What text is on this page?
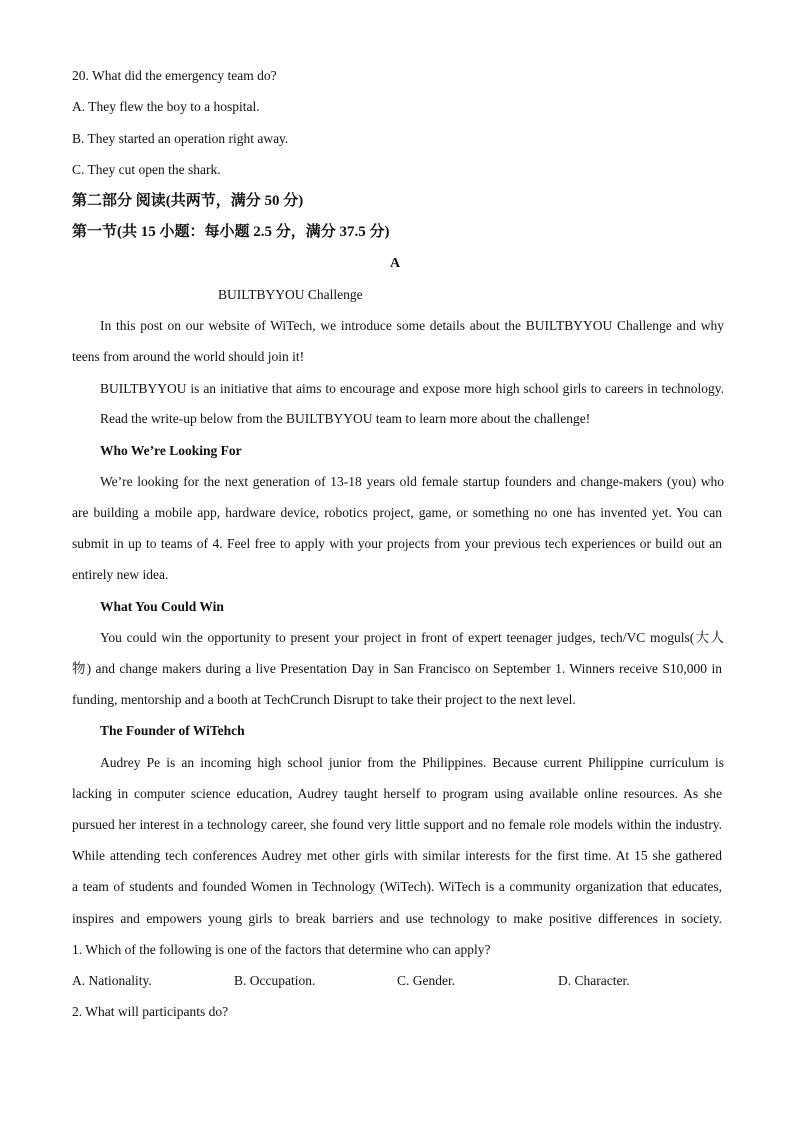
20. What did the emergency team do?
A. They flew the boy to a hospital.
B. They started an operation right away.
C. They cut open the shark.
第二部分 阅读(共两节，满分 50 分)
第一节(共 15 小题：每小题 2.5 分，满分 37.5 分)
A
BUILTBYYOU Challenge
In this post on our website of WiTech, we introduce some details about the BUILTBYYOU Challenge and why
teens from around the world should join it!
BUILTBYYOU is an initiative that aims to encourage and expose more high school girls to careers in technology.
Read the write-up below from the BUILTBYYOU team to learn more about the challenge!
Who We’re Looking For
We’re looking for the next generation of 13-18 years old female startup founders and change-makers (you) who
are building a mobile app, hardware device, robotics project, game, or something no one has invented yet. You can
submit in up to teams of 4. Feel free to apply with your projects from your previous tech experiences or build out an
entirely new idea.
What You Could Win
You could win the opportunity to present your project in front of expert teenager judges, tech/VC moguls(大人
物) and change makers during a live Presentation Day in San Francisco on September 1. Winners receive S10,000 in
funding, mentorship and a booth at TechCrunch Disrupt to take their project to the next level.
The Founder of WiTehch
Audrey Pe is an incoming high school junior from the Philippines. Because current Philippine curriculum is
lacking in computer science education, Audrey taught herself to program using available online resources. As she
pursued her interest in a technology career, she found very little support and no female role models within the industry.
While attending tech conferences Audrey met other girls with similar interests for the first time. At 15 she gathered
a team of students and founded Women in Technology (WiTech). WiTech is a community organization that educates,
inspires and empowers young girls to break barriers and use technology to make positive differences in society.
1. Which of the following is one of the factors that determine who can apply?
A. Nationality.	B. Occupation.	C. Gender.	D. Character.
2. What will participants do?
